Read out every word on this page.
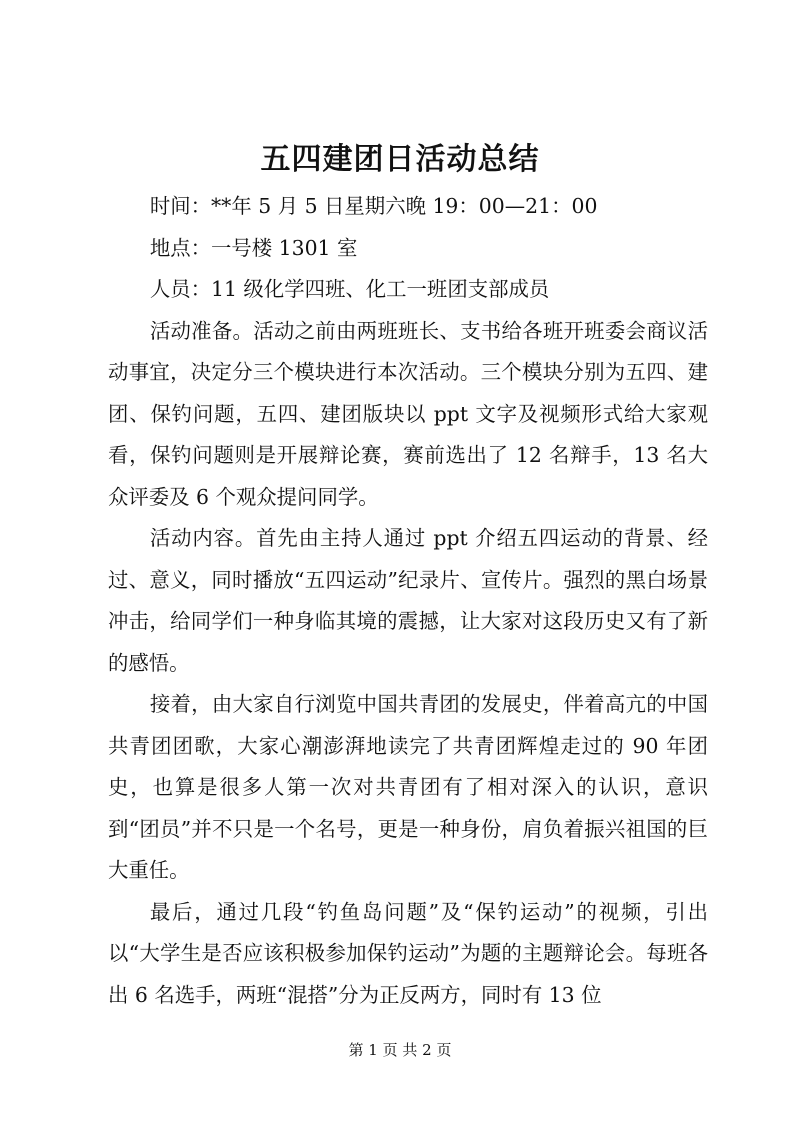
五四建团日活动总结

时间：**年 5 月 5 日星期六晚 19：00—21：00

地点：一号楼 1301 室

人员：11 级化学四班、化工一班团支部成员

活动准备。活动之前由两班班长、支书给各班开班委会商议活动事宜，决定分三个模块进行本次活动。三个模块分别为五四、建团、保钓问题，五四、建团版块以 ppt 文字及视频形式给大家观看，保钓问题则是开展辩论赛，赛前选出了 12 名辩手，13 名大众评委及 6 个观众提问同学。

活动内容。首先由主持人通过 ppt 介绍五四运动的背景、经过、意义，同时播放“五四运动”纪录片、宣传片。强烈的黑白场景冲击，给同学们一种身临其境的震撼，让大家对这段历史又有了新的感悟。

接着，由大家自行浏览中国共青团的发展史，伴着高亢的中国共青团团歌，大家心潮澎湃地读完了共青团辉煌走过的 90 年团史，也算是很多人第一次对共青团有了相对深入的认识，意识到“团员”并不只是一个名号，更是一种身份，肩负着振兴祖国的巨大重任。

最后，通过几段“钓鱼岛问题”及“保钓运动”的视频，引出以“大学生是否应该积极参加保钓运动”为题的主题辩论会。每班各出 6 名选手，两班“混搭”分为正反两方，同时有 13 位

第 1 页 共 2 页
